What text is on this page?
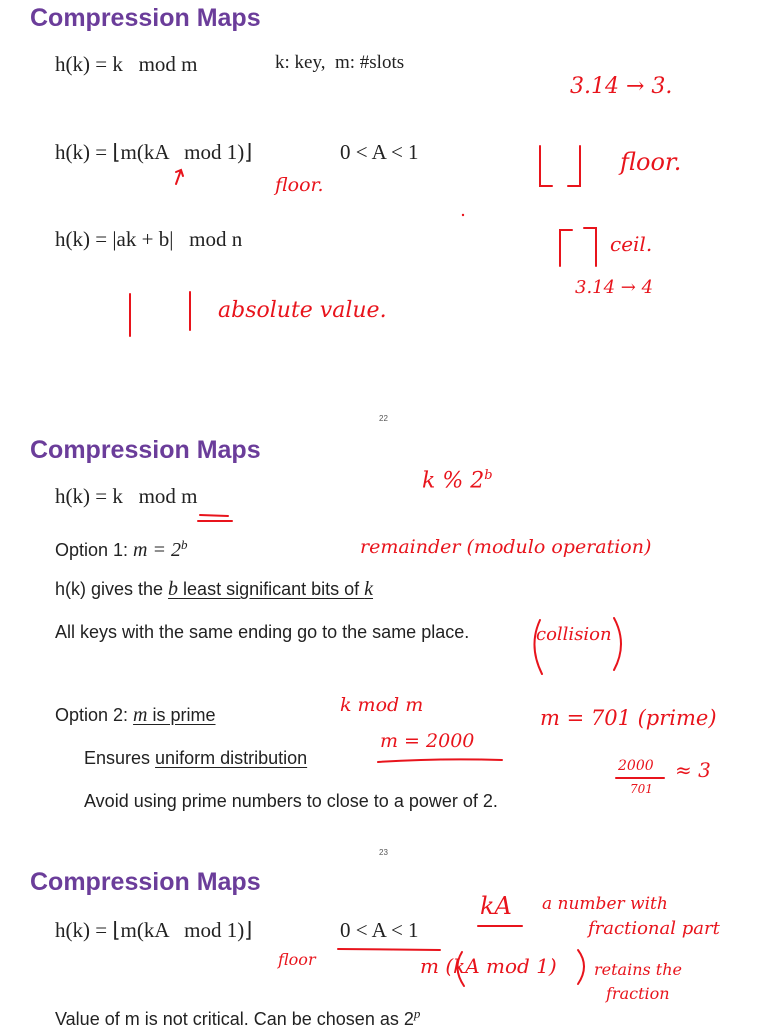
Compression Maps
h(k) = k   mod m	k: key,  m: #slots
h(k) = ⌊m(kA   mod 1)⌋	0 < A < 1
h(k) = |ak + b|   mod n
3.14 → 3.
floor.
floor.
ceil.
3.14 → 4
absolute value.
22
Compression Maps
h(k) = k   mod m
Option 1: $m = 2^b$
h(k) gives the b least significant bits of k
All keys with the same ending go to the same place.
Option 2: m is prime
Ensures uniform distribution
Avoid using prime numbers to close to a power of 2.
k % 2$^b$
remainder (modulo operation)
collision
k mod m
m = 2000
m = 701 (prime)
2000
701
≈ 3
23
Compression Maps
h(k) = ⌊m(kA   mod 1)⌋	0 < A < 1
Value of m is not critical. Can be chosen as 2$^p$
kA a number with
fractional part
floor	m (kA mod 1) retains the
fraction
